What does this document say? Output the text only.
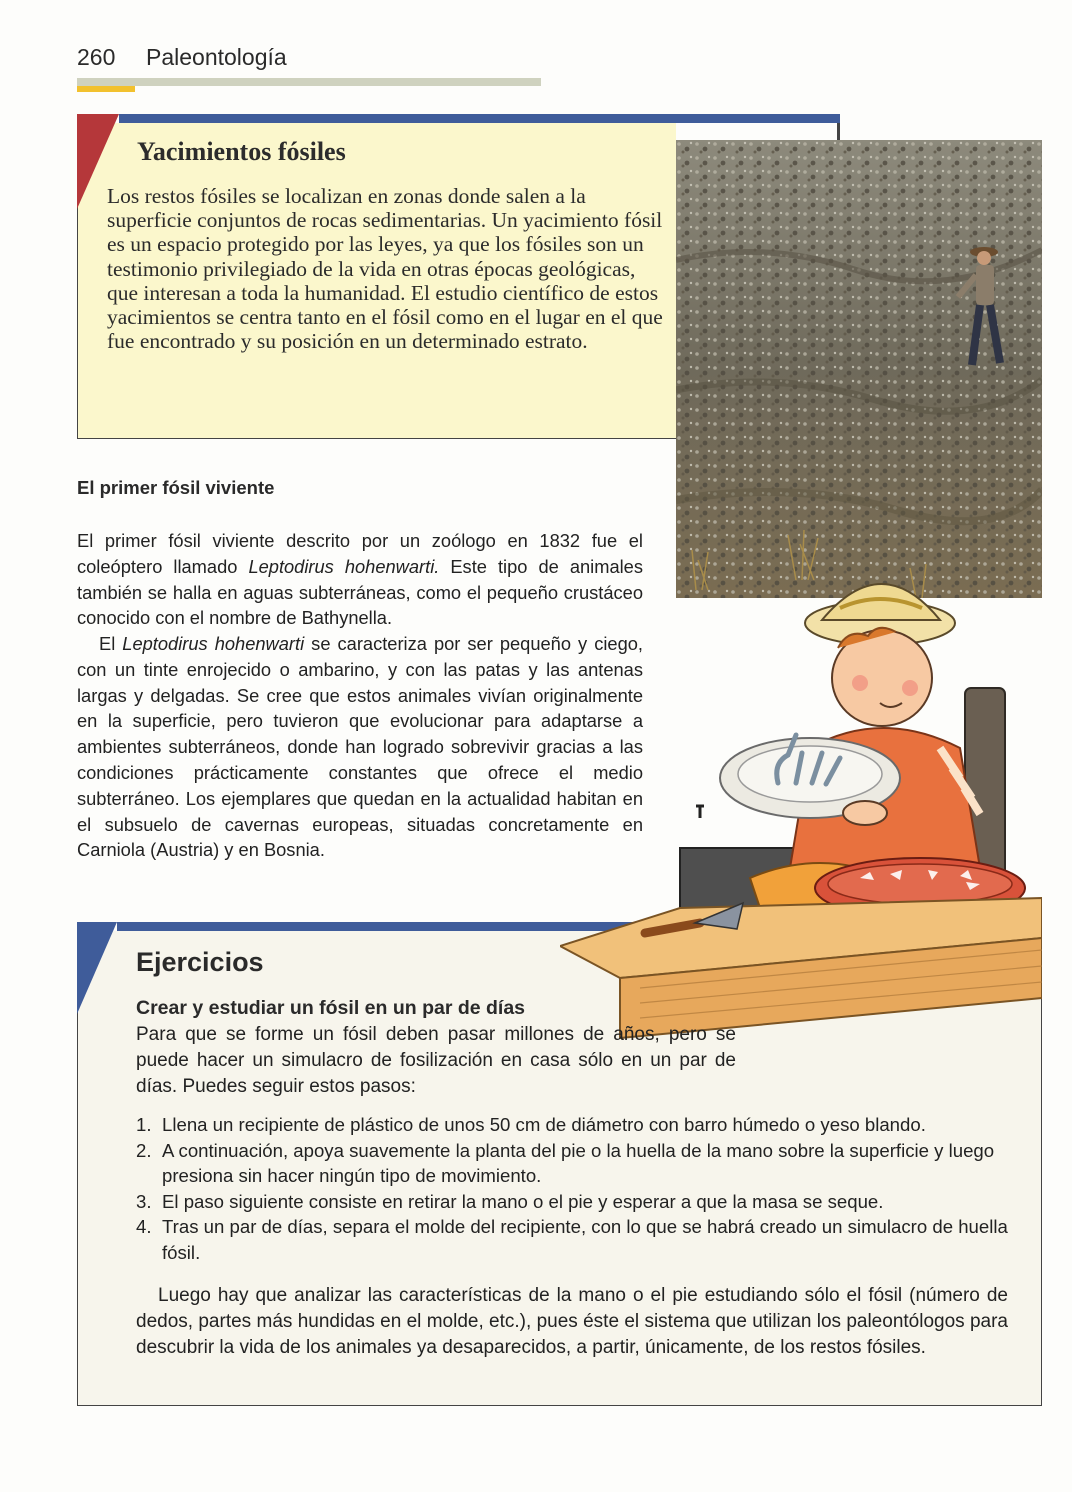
260 Paleontología
Yacimientos fósiles

Los restos fósiles se localizan en zonas donde salen a la superficie conjuntos de rocas sedimentarias. Un yacimiento fósil es un espacio protegido por las leyes, ya que los fósiles son un testimonio privilegiado de la vida en otras épocas geológicas, que interesan a toda la humanidad. El estudio científico de estos yacimientos se centra tanto en el fósil como en el lugar en el que fue encontrado y su posición en un determinado estrato.

El primer fósil viviente

El primer fósil viviente descrito por un zoólogo en 1832 fue el coleóptero llamado Leptodirus hohenwarti. Este tipo de animales también se halla en aguas subterráneas, como el pequeño crustáceo conocido con el nombre de Bathynella.

El Leptodirus hohenwarti se caracteriza por ser pequeño y ciego, con un tinte enrojecido o ambarino, y con las patas y las antenas largas y delgadas. Se cree que estos animales vivían originalmente en la superficie, pero tuvieron que evolucionar para adaptarse a ambientes subterráneos, donde han logrado sobrevivir gracias a las condiciones prácticamente constantes que ofrece el medio subterráneo. Los ejemplares que quedan en la actualidad habitan en el subsuelo de cavernas europeas, situadas concretamente en Carniola (Austria) y en Bosnia.

Ejercicios
Crear y estudiar un fósil en un par de días

Para que se forme un fósil deben pasar millones de años, pero se puede hacer un simulacro de fosilización en casa sólo en un par de días. Puedes seguir estos pasos:

1. Llena un recipiente de plástico de unos 50 cm de diámetro con barro húmedo o yeso blando.
2. A continuación, apoya suavemente la planta del pie o la huella de la mano sobre la superficie y luego presiona sin hacer ningún tipo de movimiento.
3. El paso siguiente consiste en retirar la mano o el pie y esperar a que la masa se seque.
4. Tras un par de días, separa el molde del recipiente, con lo que se habrá creado un simulacro de huella fósil.

Luego hay que analizar las características de la mano o el pie estudiando sólo el fósil (número de dedos, partes más hundidas en el molde, etc.), pues éste el sistema que utilizan los paleontólogos para descubrir la vida de los animales ya desaparecidos, a partir, únicamente, de los restos fósiles.
